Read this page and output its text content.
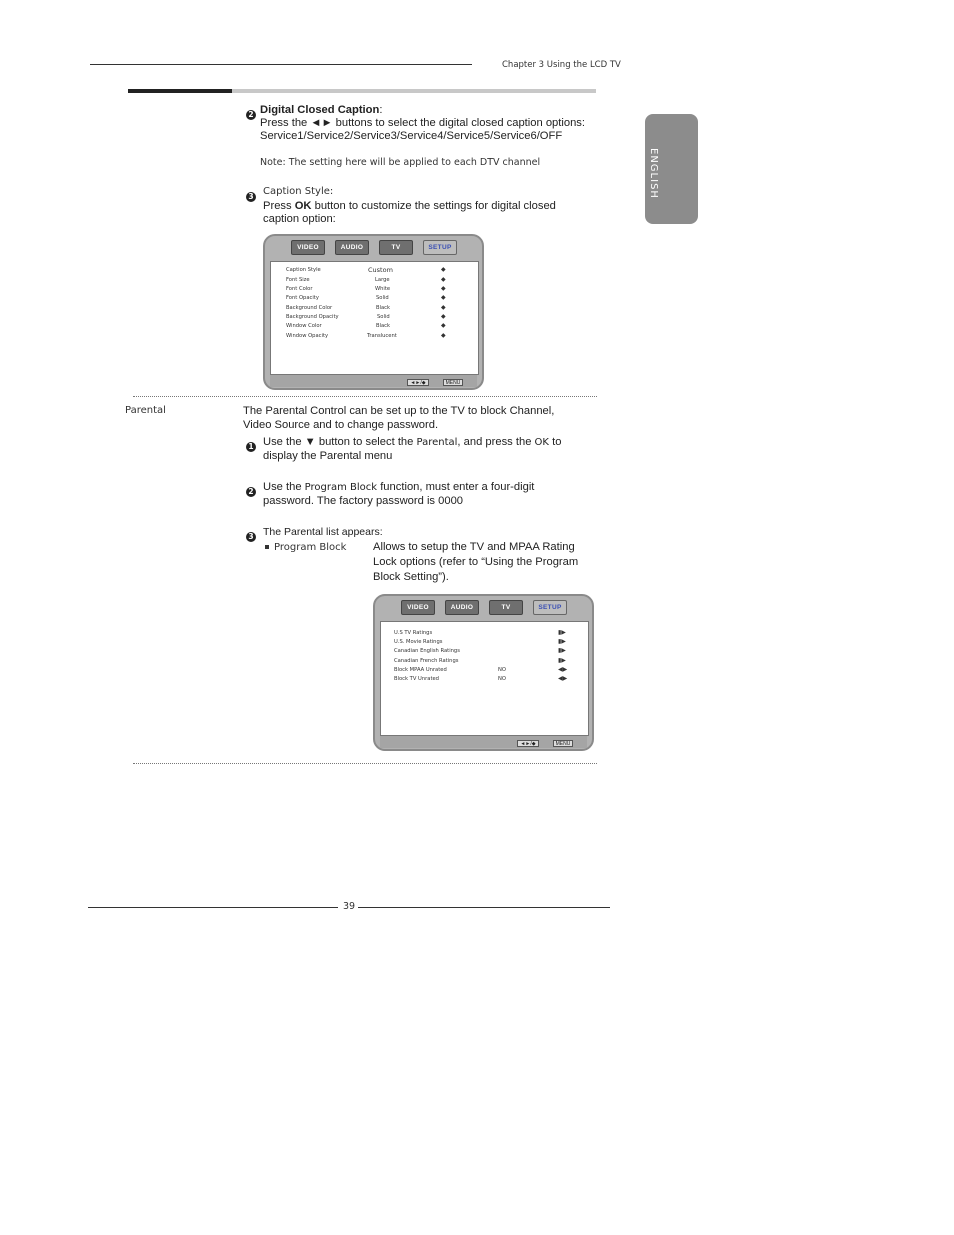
Chapter 3 Using the LCD TV
ENGLISH
2 Digital Closed Caption:
Press the ◄► buttons to select the digital closed caption options:
Service1/Service2/Service3/Service4/Service5/Service6/OFF
Note: The setting here will be applied to each DTV channel
3 Caption Style:
Press OK button to customize the settings for digital closed
caption option:
VIDEO	AUDIO	TV	SETUP
Caption Style	Custom	◆
Font Size	Large	◆
Font Color	White	◆
Font Opacity	Solid	◆
Background Color	Black	◆
Background Opacity	Solid	◆
Window Color	Black	◆
Window Opacity	Translucent	◆
◄►/◆	MENU
Parental	The Parental Control can be set up to the TV to block Channel,
Video Source and to change password.
1 Use the ▼ button to select the Parental, and press the OK to
display the Parental menu
2 Use the Program Block function, must enter a four-digit
password. The factory password is 0000
3 The Parental list appears:
Program Block Allows to setup the TV and MPAA Rating
Lock options (refer to “Using the Program
Block Setting”).
VIDEO	AUDIO	TV	SETUP
U.S TV Ratings	▮▶
U.S. Movie Ratings	▮▶
Canadian English Ratings	▮▶
Canadian French Ratings	▮▶
Block MPAA Unrated	NO	◀▶
Block TV Unrated	NO	◀▶
◄►/◆	MENU
39
